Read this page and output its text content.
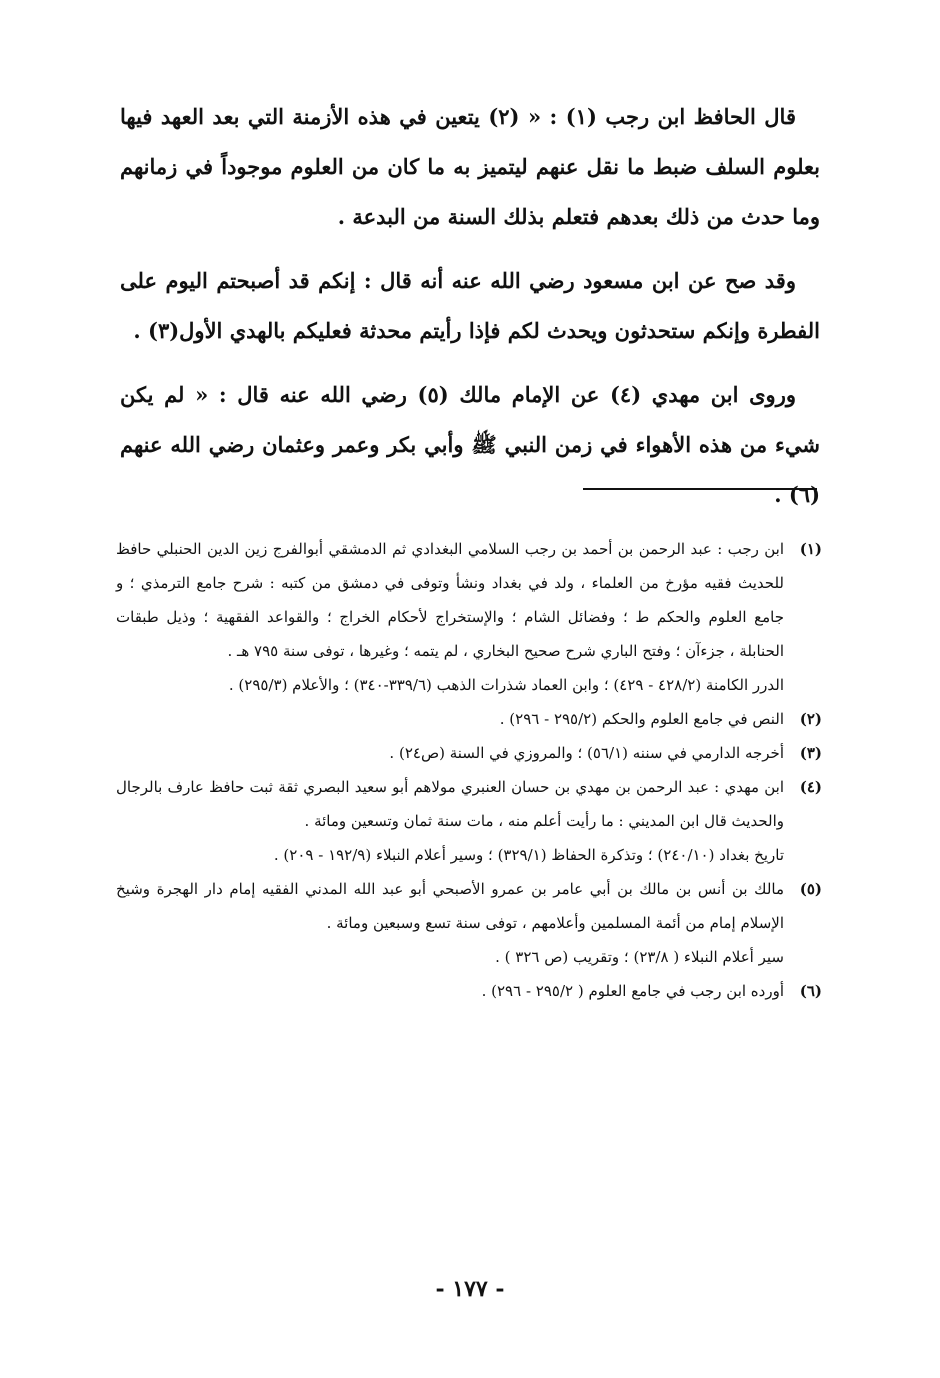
قال الحافظ ابن رجب (١) : « (٢) يتعين في هذه الأزمنة التي بعد العهد فيها بعلوم السلف ضبط ما نقل عنهم ليتميز به ما كان من العلوم موجوداً في زمانهم وما حدث من ذلك بعدهم فتعلم بذلك السنة من البدعة .

وقد صح عن ابن مسعود رضي الله عنه أنه قال : إنكم قد أصبحتم اليوم على الفطرة وإنكم ستحدثون ويحدث لكم فإذا رأيتم محدثة فعليكم بالهدي الأول(٣) .

وروى ابن مهدي (٤) عن الإمام مالك (٥) رضي الله عنه قال : « لم يكن شيء من هذه الأهواء في زمن النبي ﷺ وأبي بكر وعمر وعثمان رضي الله عنهم (٦) .

(١)

ابن رجب : عبد الرحمن بن أحمد بن رجب السلامي البغدادي ثم الدمشقي أبوالفرج زين الدين الحنبلي حافظ للحديث فقيه مؤرخ من العلماء ، ولد في بغداد ونشأ وتوفى في دمشق من كتبه : شرح جامع الترمذي ؛ و جامع العلوم والحكم ط ؛ وفضائل الشام ؛ والإستخراج لأحكام الخراج ؛ والقواعد الفقهية ؛ وذيل طبقات الحنابلة ، جزءآن ؛ وفتح الباري شرح صحيح البخاري ، لم يتمه ؛ وغيرها ، توفى سنة ٧٩٥ هـ .

الدرر الكامنة (٤٢٨/٢ - ٤٢٩) ؛ وابن العماد شذرات الذهب (٣٣٩/٦-٣٤٠) ؛ والأعلام (٢٩٥/٣) .

(٢)

النص في جامع العلوم والحكم (٢٩٥/٢ - ٢٩٦) .

(٣)

أخرجه الدارمي في سننه (٥٦/١) ؛ والمروزي في السنة (ص٢٤) .

(٤)

ابن مهدي : عبد الرحمن بن مهدي بن حسان العنبري مولاهم أبو سعيد البصري ثقة ثبت حافظ عارف بالرجال والحديث قال ابن المديني : ما رأيت أعلم منه ، مات سنة ثمان وتسعين ومائة .

تاريخ بغداد (٢٤٠/١٠) ؛ وتذكرة الحفاظ (٣٢٩/١) ؛ وسير أعلام النبلاء (١٩٢/٩ - ٢٠٩) .

(٥)

مالك بن أنس بن مالك بن أبي عامر بن عمرو الأصبحي أبو عبد الله المدني الفقيه إمام دار الهجرة وشيخ الإسلام إمام من أئمة المسلمين وأعلامهم ، توفى سنة تسع وسبعين ومائة .

سير أعلام النبلاء ( ٢٣/٨) ؛ وتقريب (ص ٣٢٦ ) .

(٦)

أورده ابن رجب في جامع العلوم ( ٢٩٥/٢ - ٢٩٦) .

- ١٧٧ -
